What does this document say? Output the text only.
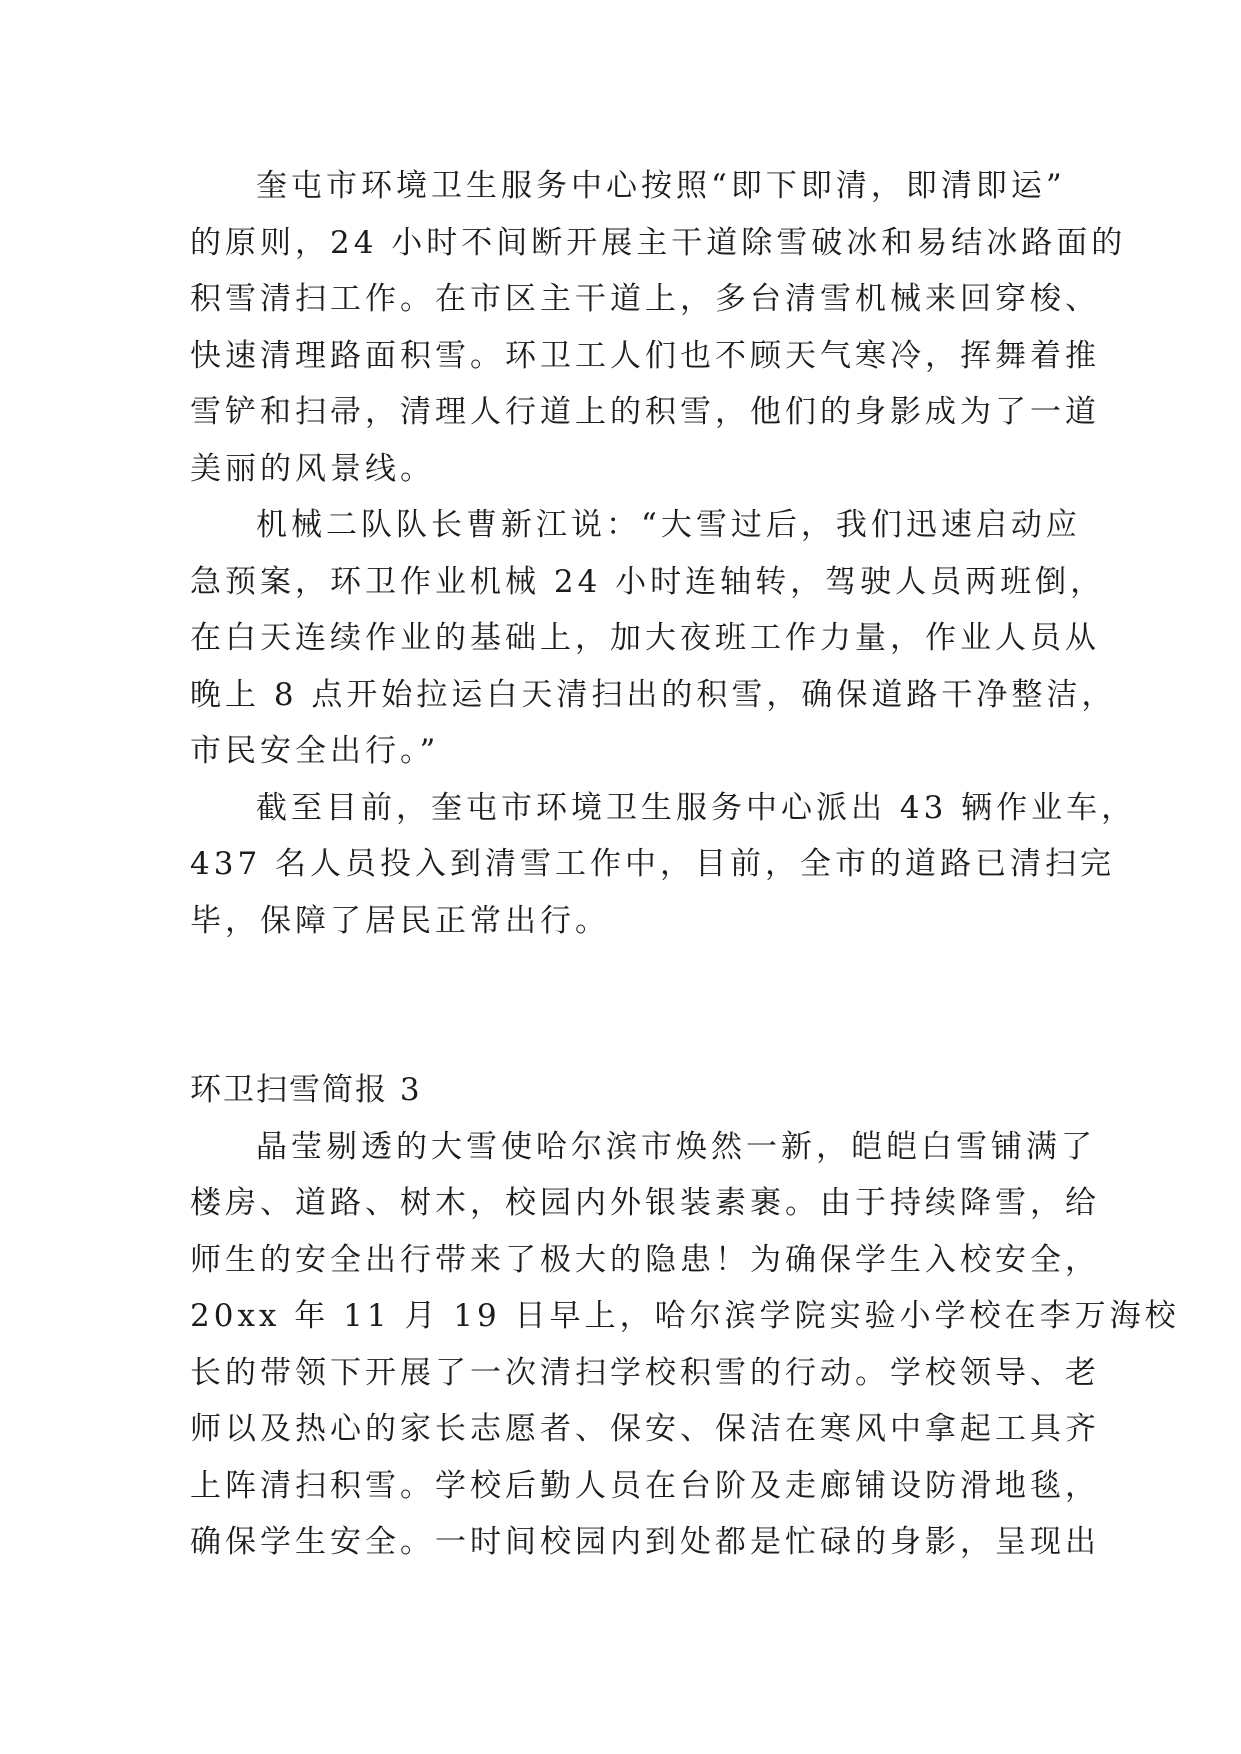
奎屯市环境卫生服务中心按照“即下即清，即清即运”
的原则，24 小时不间断开展主干道除雪破冰和易结冰路面的
积雪清扫工作。在市区主干道上，多台清雪机械来回穿梭、
快速清理路面积雪。环卫工人们也不顾天气寒冷，挥舞着推
雪铲和扫帚，清理人行道上的积雪，他们的身影成为了一道
美丽的风景线。
机械二队队长曹新江说：“大雪过后，我们迅速启动应
急预案，环卫作业机械 24 小时连轴转，驾驶人员两班倒，
在白天连续作业的基础上，加大夜班工作力量，作业人员从
晚上 8 点开始拉运白天清扫出的积雪，确保道路干净整洁，
市民安全出行。”
截至目前，奎屯市环境卫生服务中心派出 43 辆作业车，
437 名人员投入到清雪工作中，目前，全市的道路已清扫完
毕，保障了居民正常出行。
环卫扫雪简报 3
晶莹剔透的大雪使哈尔滨市焕然一新，皑皑白雪铺满了
楼房、道路、树木，校园内外银装素裹。由于持续降雪，给
师生的安全出行带来了极大的隐患！为确保学生入校安全，
20xx 年 11 月 19 日早上，哈尔滨学院实验小学校在李万海校
长的带领下开展了一次清扫学校积雪的行动。学校领导、老
师以及热心的家长志愿者、保安、保洁在寒风中拿起工具齐
上阵清扫积雪。学校后勤人员在台阶及走廊铺设防滑地毯，
确保学生安全。一时间校园内到处都是忙碌的身影，呈现出
